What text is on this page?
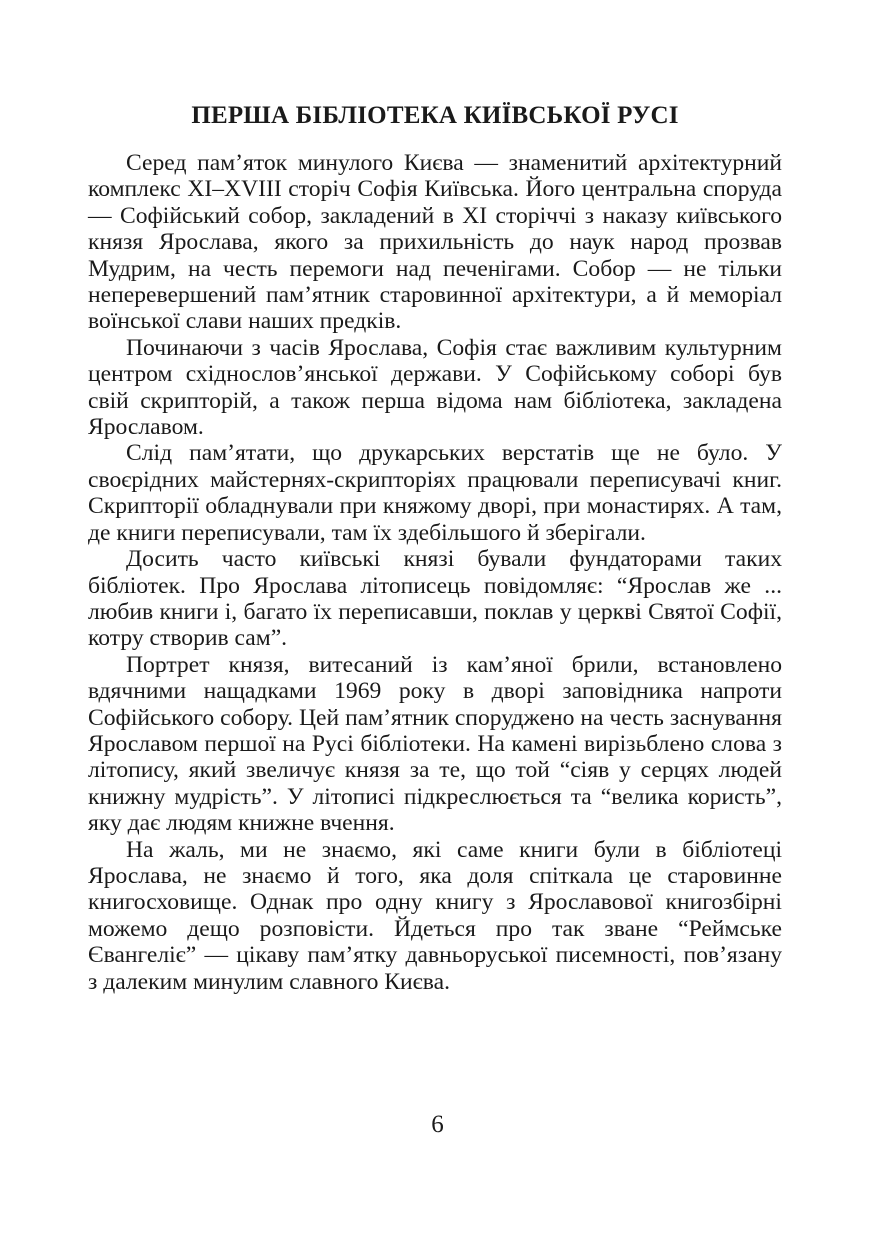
ПЕРША БІБЛІОТЕКА КИЇВСЬКОЇ РУСІ

Серед пам’яток минулого Києва — знаменитий архітектурний комплекс XI–XVIII сторіч Софія Київська. Його центральна споруда — Софійський собор, закладений в XI сторіччі з наказу київського князя Ярослава, якого за прихильність до наук народ прозвав Мудрим, на честь перемоги над печенігами. Собор — не тільки неперевершений пам’ятник старовинної архітектури, а й меморіал воїнської слави наших предків.

Починаючи з часів Ярослава, Софія стає важливим культурним центром східнослов’янської держави. У Софійському соборі був свій скрипторій, а також перша відома нам бібліотека, закладена Ярославом.

Слід пам’ятати, що друкарських верстатів ще не було. У своєрідних майстернях-скрипторіях працювали переписувачі книг. Скрипторії обладнували при княжому дворі, при монастирях. А там, де книги переписували, там їх здебільшого й зберігали.

Досить часто київські князі бували фундаторами таких бібліотек. Про Ярослава літописець повідомляє: “Ярослав же ... любив книги і, багато їх переписавши, поклав у церкві Святої Софії, котру створив сам”.

Портрет князя, витесаний із кам’яної брили, встановлено вдячними нащадками 1969 року в дворі заповідника напроти Софійського собору. Цей пам’ятник споруджено на честь заснування Ярославом першої на Русі бібліотеки. На камені вирізьблено слова з літопису, який звеличує князя за те, що той “сіяв у серцях людей книжну мудрість”. У літописі підкреслюється та “велика користь”, яку дає людям книжне вчення.

На жаль, ми не знаємо, які саме книги були в бібліотеці Ярослава, не знаємо й того, яка доля спіткала це старовинне книгосховище. Однак про одну книгу з Ярославової книгозбірні можемо дещо розповісти. Йдеться про так зване “Реймське Євангеліє” — цікаву пам’ятку давньоруської писемності, пов’язану з далеким минулим славного Києва.

6
